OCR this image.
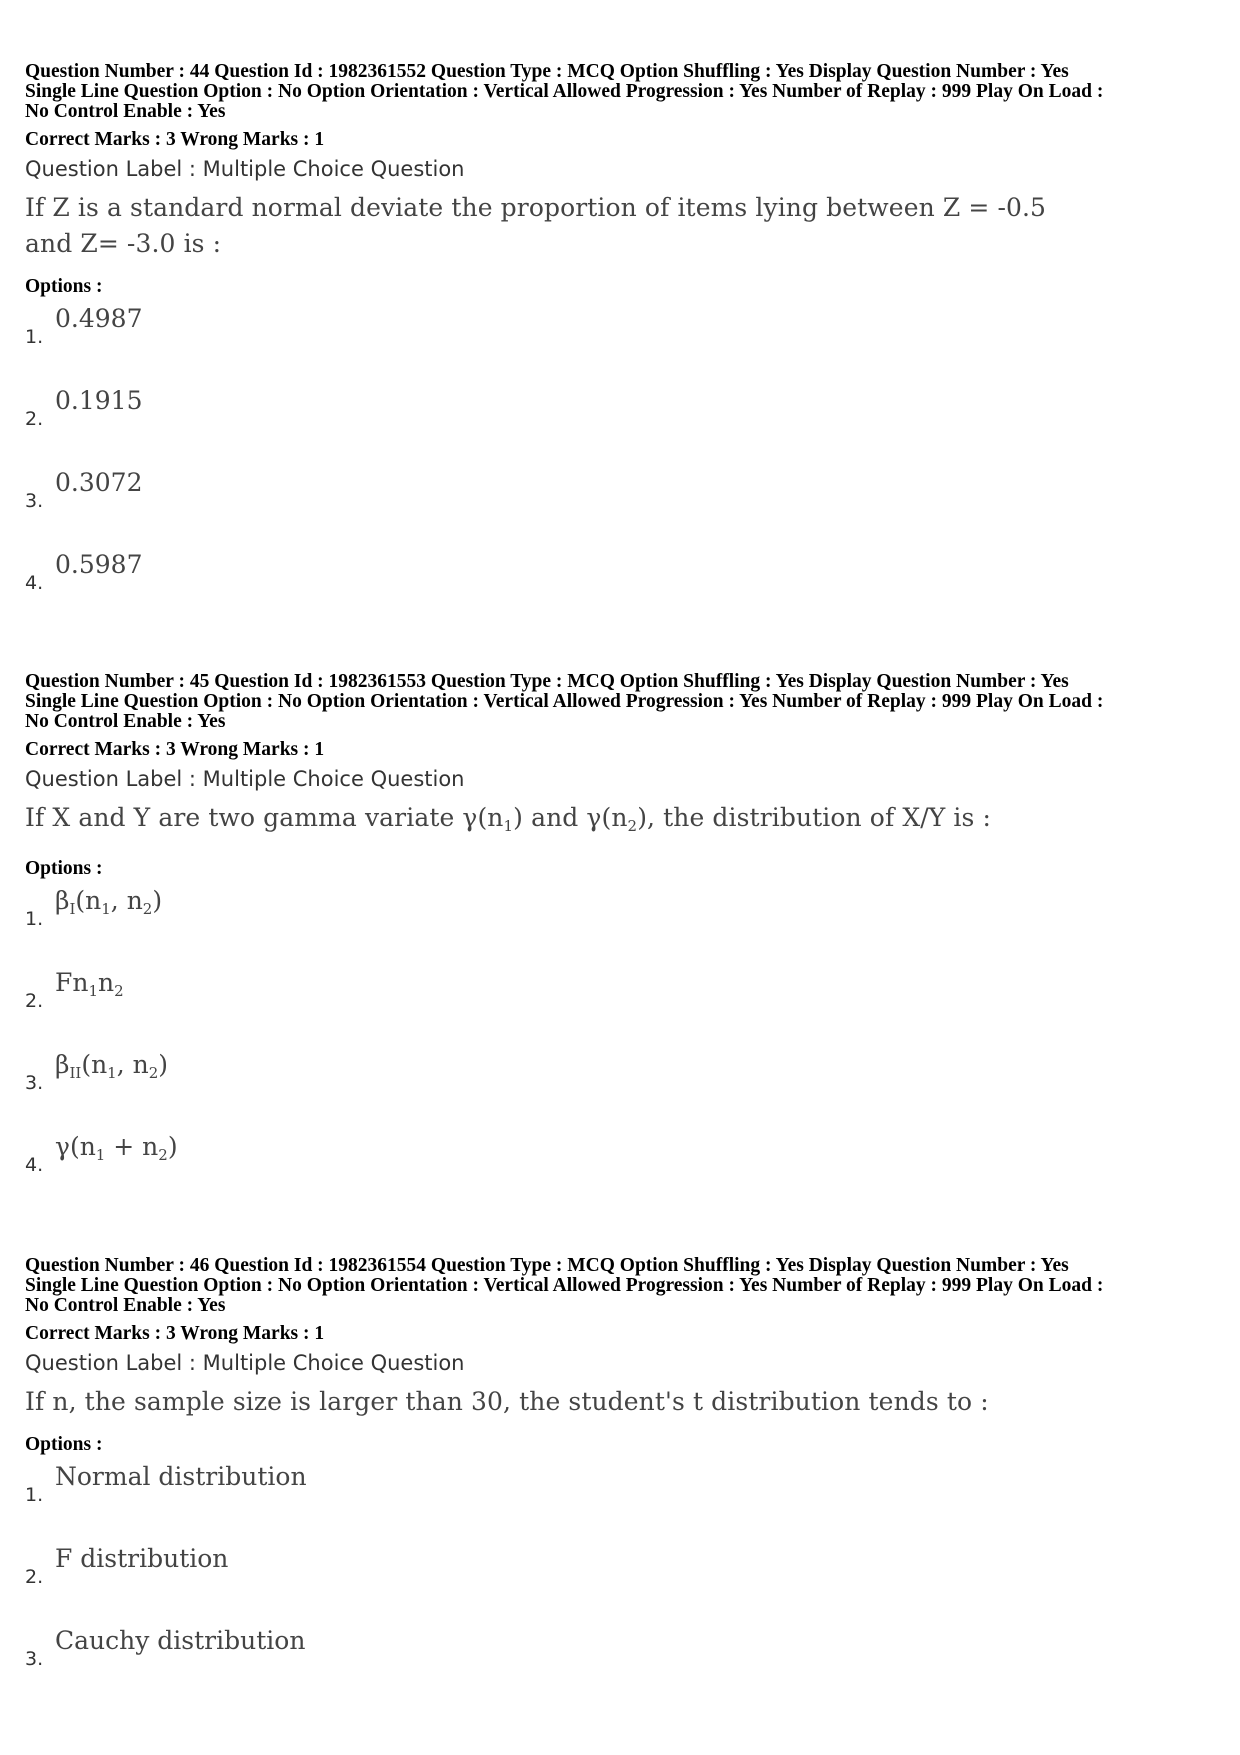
Question Number : 44 Question Id : 1982361552 Question Type : MCQ Option Shuffling : Yes Display Question Number : Yes
Single Line Question Option : No Option Orientation : Vertical Allowed Progression : Yes Number of Replay : 999 Play On Load :
No Control Enable : Yes
Correct Marks : 3 Wrong Marks : 1
Question Label : Multiple Choice Question
If Z is a standard normal deviate the proportion of items lying between Z = -0.5
and Z= -3.0 is :
Options :
1.
0.4987
2.
0.1915
3.
0.3072
4.
0.5987
Question Number : 45 Question Id : 1982361553 Question Type : MCQ Option Shuffling : Yes Display Question Number : Yes
Single Line Question Option : No Option Orientation : Vertical Allowed Progression : Yes Number of Replay : 999 Play On Load :
No Control Enable : Yes
Correct Marks : 3 Wrong Marks : 1
Question Label : Multiple Choice Question
If X and Y are two gamma variate $\gamma(n_1)$ and $\gamma(n_2)$, the distribution of X/Y is :
Options :
1.
$\beta_I(n_1$, $n_2$)
2.
$Fn_1n_2$
3.
$\beta_{II}(n_1$, $n_2$)
4.
$\gamma(n_1 + n_2)$
Question Number : 46 Question Id : 1982361554 Question Type : MCQ Option Shuffling : Yes Display Question Number : Yes
Single Line Question Option : No Option Orientation : Vertical Allowed Progression : Yes Number of Replay : 999 Play On Load :
No Control Enable : Yes
Correct Marks : 3 Wrong Marks : 1
Question Label : Multiple Choice Question
If n, the sample size is larger than 30, the student's t distribution tends to :
Options :
1.
Normal distribution
2.
F distribution
3.
Cauchy distribution
